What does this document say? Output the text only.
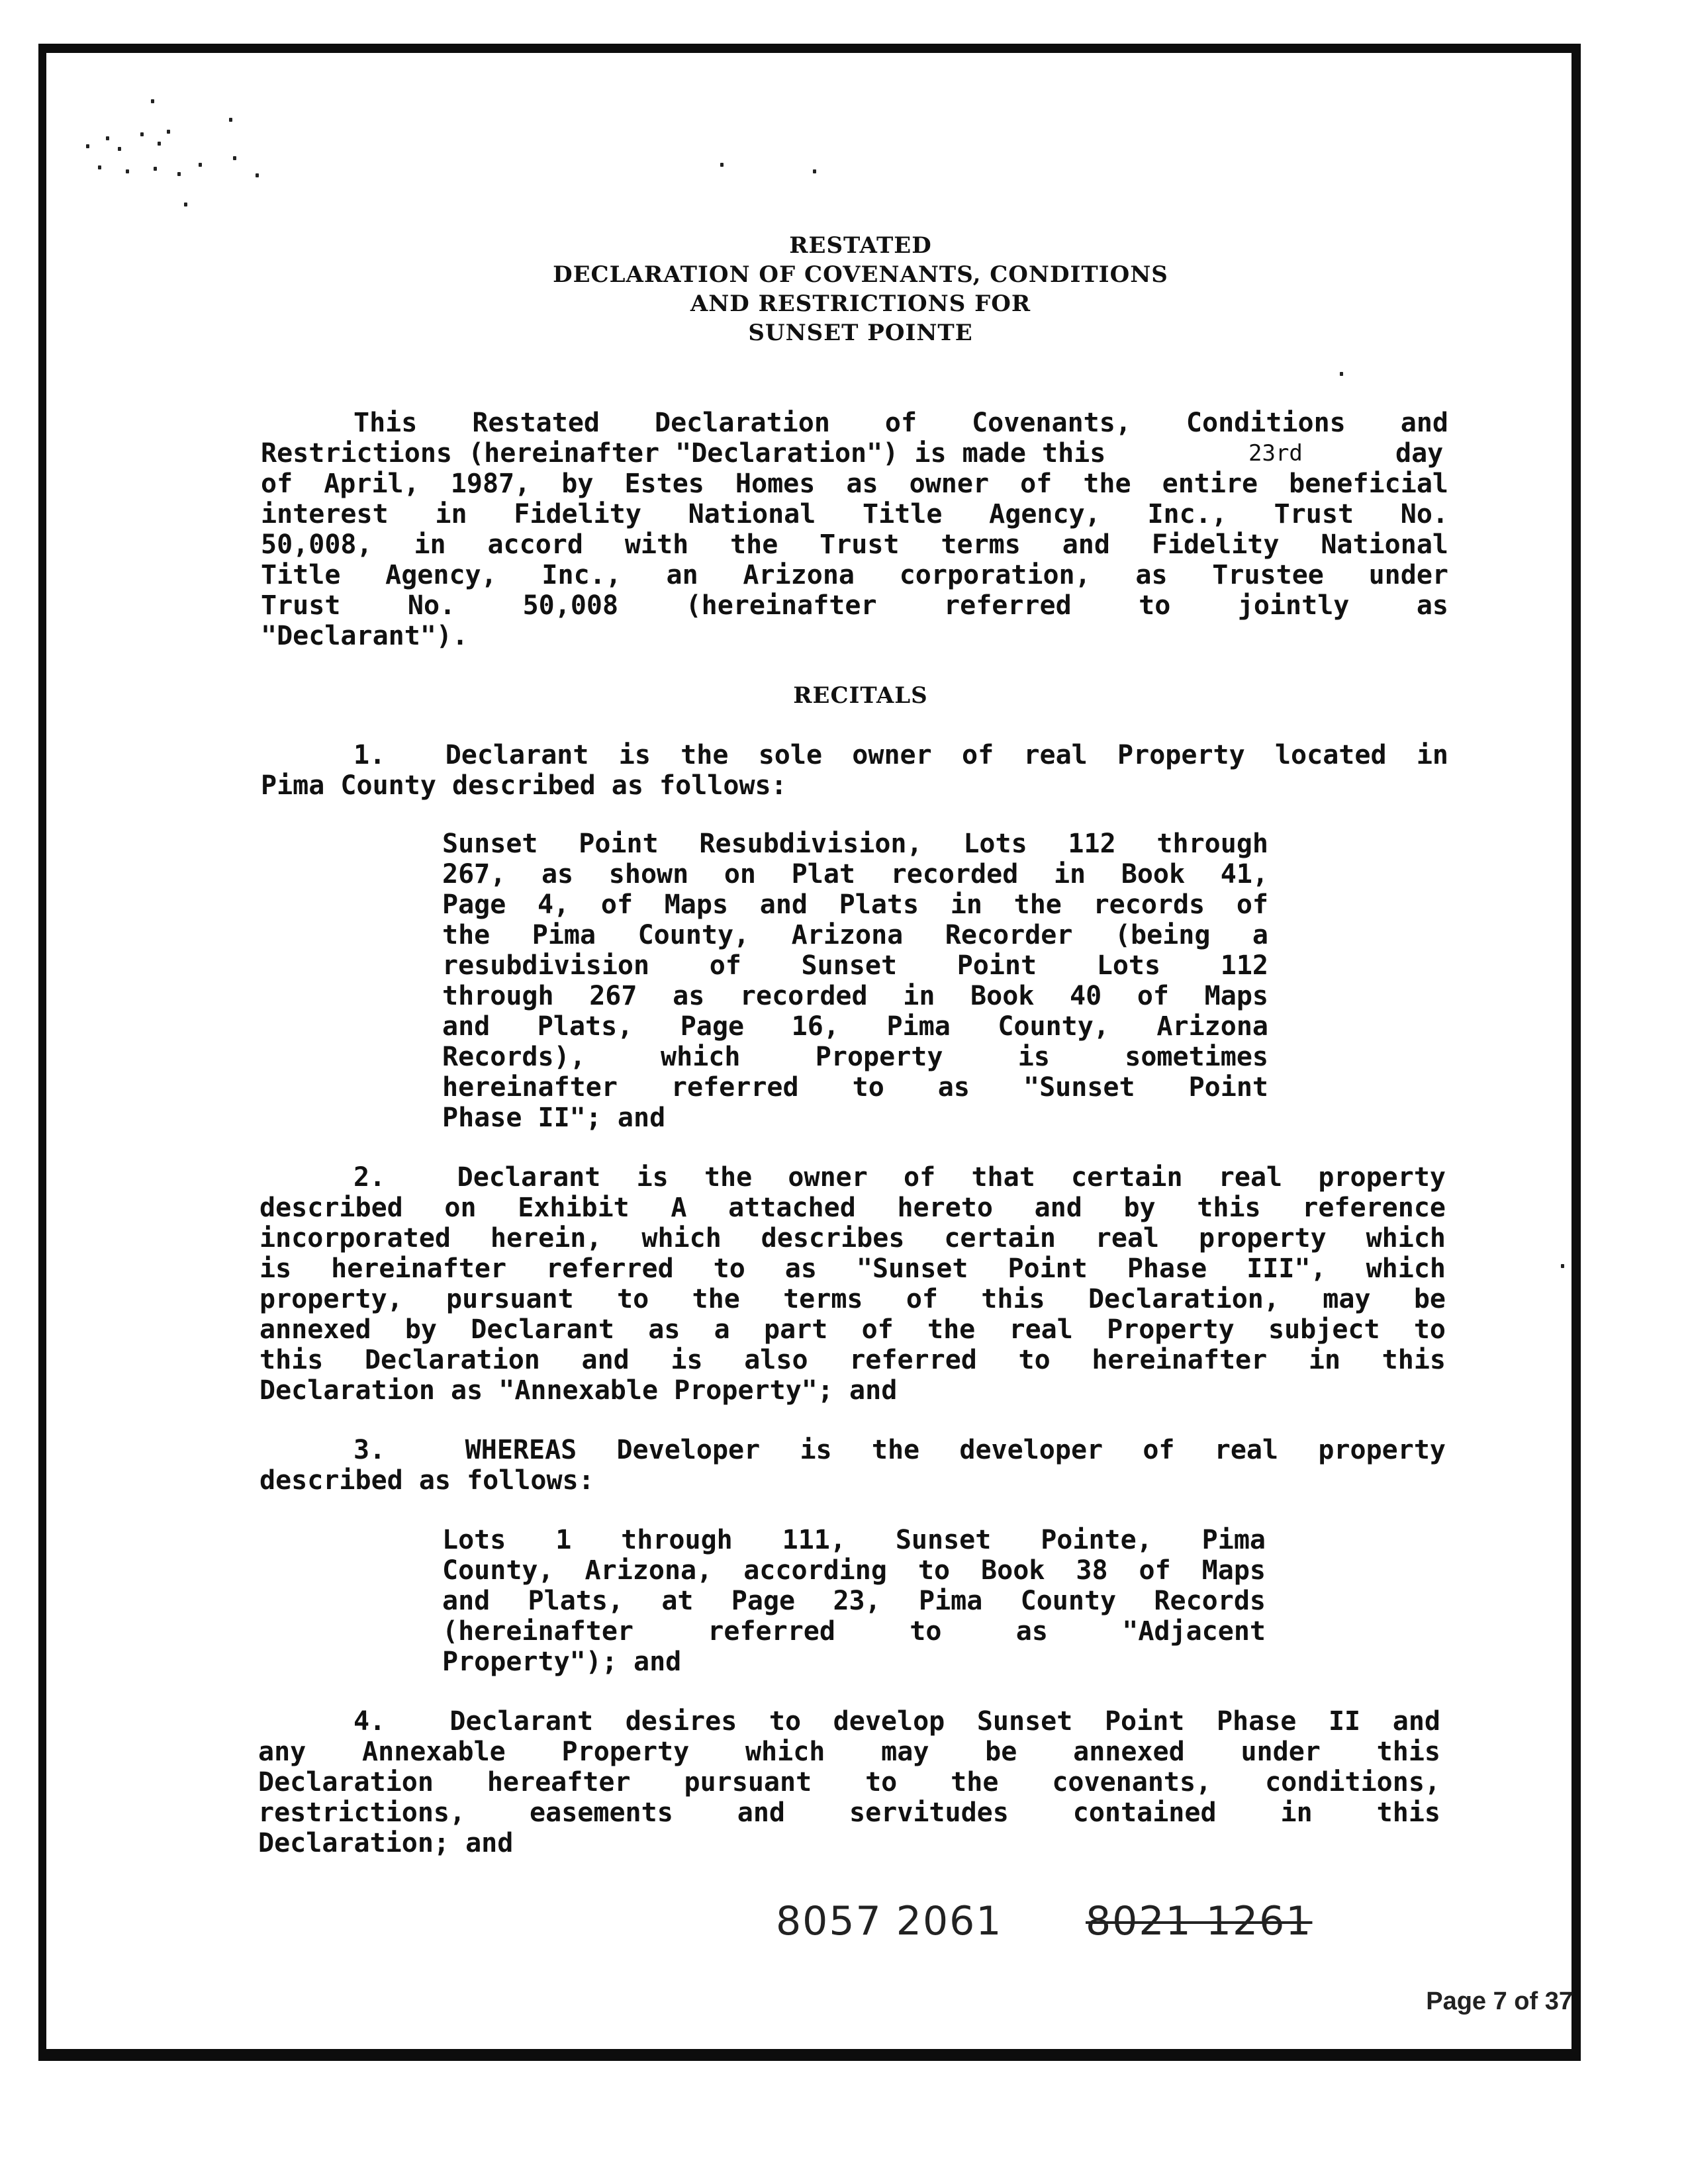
RESTATED
DECLARATION OF COVENANTS, CONDITIONS
AND RESTRICTIONS FOR
SUNSET POINTE
This Restated Declaration of Covenants, Conditions and
Restrictions (hereinafter "Declaration") is made this	23rd	day
of April, 1987, by Estes Homes as owner of the entire beneficial
interest in Fidelity National Title Agency, Inc., Trust No.
50,008, in accord with the Trust terms and Fidelity National
Title Agency, Inc., an Arizona corporation, as Trustee under
Trust No. 50,008 (hereinafter referred to jointly as
"Declarant").
RECITALS
1.  Declarant is the sole owner of real Property located in
Pima County described as follows:
Sunset Point Resubdivision, Lots 112 through
267, as shown on Plat recorded in Book 41,
Page 4, of Maps and Plats in the records of
the Pima County, Arizona Recorder (being a
resubdivision of Sunset Point Lots 112
through 267 as recorded in Book 40 of Maps
and Plats, Page 16, Pima County, Arizona
Records), which Property is sometimes
hereinafter referred to as "Sunset Point
Phase II"; and
2.  Declarant is the owner of that certain real property
described on Exhibit A attached hereto and by this reference
incorporated herein, which describes certain real property which
is hereinafter referred to as "Sunset Point Phase III", which
property, pursuant to the terms of this Declaration, may be
annexed by Declarant as a part of the real Property subject to
this Declaration and is also referred to hereinafter in this
Declaration as "Annexable Property"; and
3.  WHEREAS Developer is the developer of real property
described as follows:
Lots 1 through 111, Sunset Pointe, Pima
County, Arizona, according to Book 38 of Maps
and Plats, at Page 23, Pima County Records
(hereinafter referred to as "Adjacent
Property"); and
4.  Declarant desires to develop Sunset Point Phase II and
any Annexable Property which may be annexed under this
Declaration hereafter pursuant to the covenants, conditions,
restrictions, easements and servitudes contained in this
Declaration; and
8057 2061 8021 1261
Page 7 of 37
